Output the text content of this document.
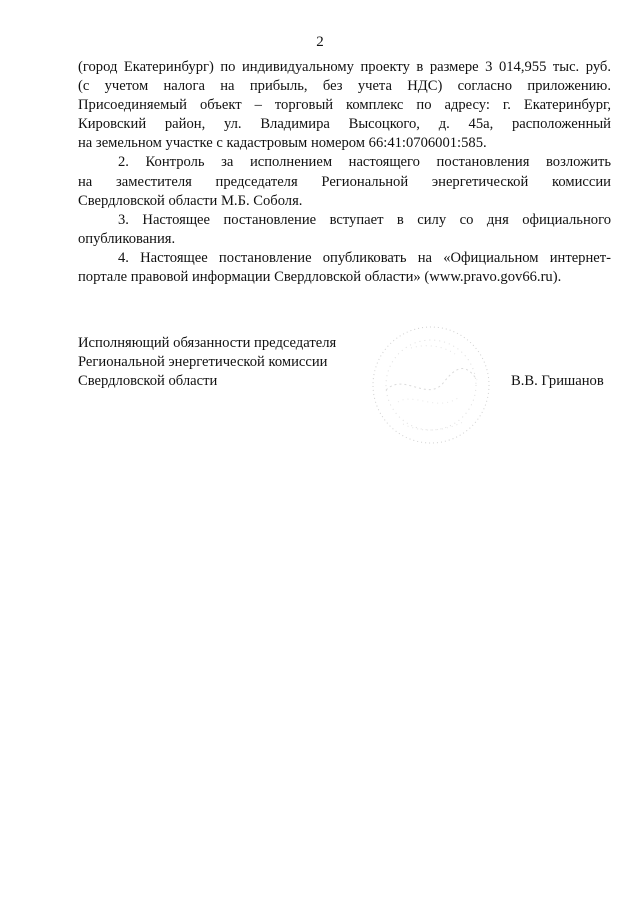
2
(город Екатеринбург) по индивидуальному проекту в размере 3 014,955 тыс. руб.
(с учетом налога на прибыль, без учета НДС) согласно приложению.
Присоединяемый объект – торговый комплекс по адресу: г. Екатеринбург,
Кировский район, ул. Владимира Высоцкого, д. 45а, расположенный
на земельном участке с кадастровым номером 66:41:0706001:585.
2. Контроль за исполнением настоящего постановления возложить
на заместителя председателя Региональной энергетической комиссии
Свердловской области М.Б. Соболя.
3. Настоящее постановление вступает в силу со дня официального
опубликования.
4. Настоящее постановление опубликовать на «Официальном интернет-
портале правовой информации Свердловской области» (www.pravo.gov66.ru).
Исполняющий обязанности председателя
Региональной энергетической комиссии
Свердловской области	В.В. Гришанов
